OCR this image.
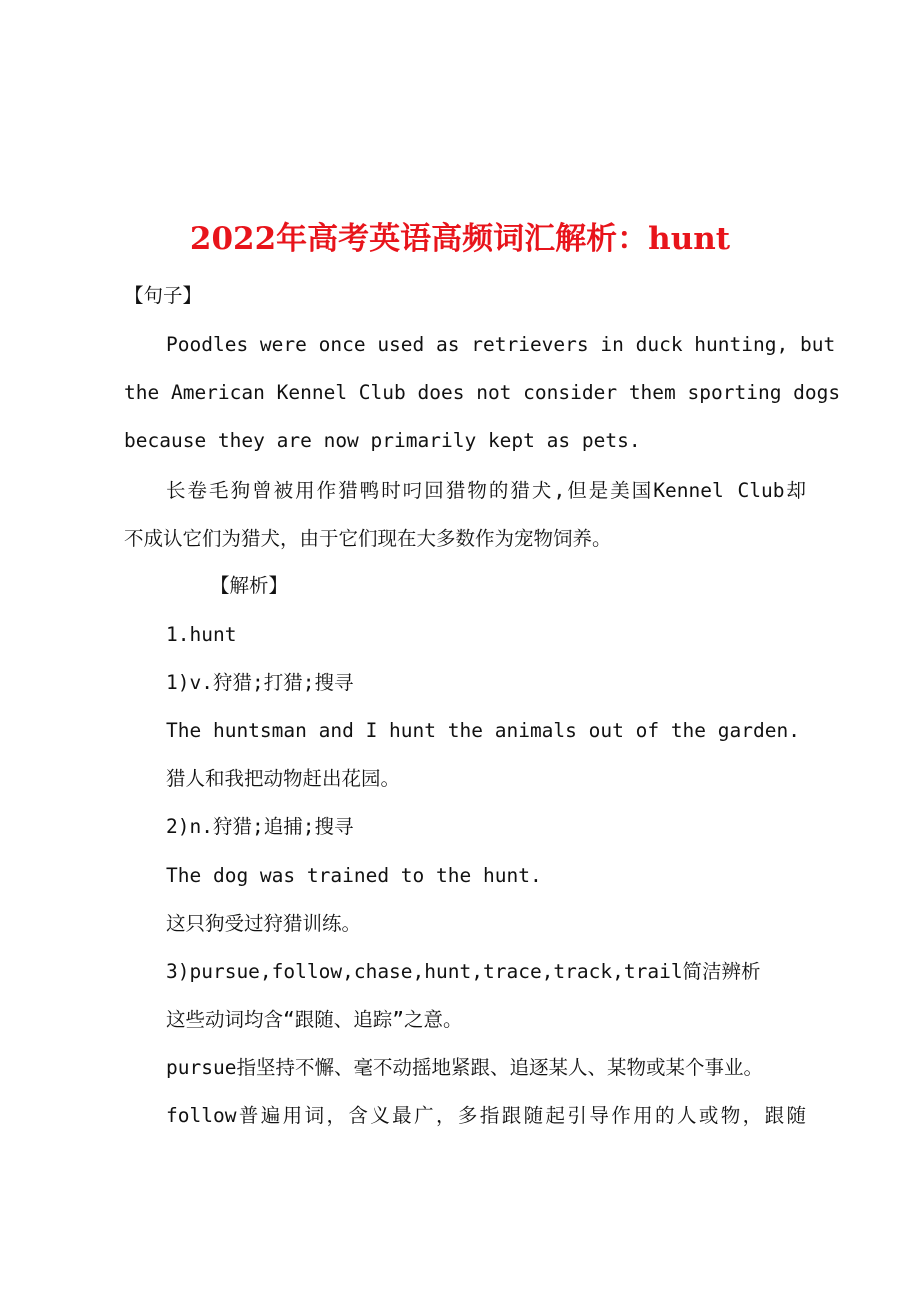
2022年高考英语高频词汇解析：hunt

【句子】

Poodles were once used as retrievers in duck hunting, but

the American Kennel Club does not consider them sporting dogs

because they are now primarily kept as pets.

长卷毛狗曾被用作猎鸭时叼回猎物的猎犬,但是美国Kennel Club却

不成认它们为猎犬，由于它们现在大多数作为宠物饲养。

【解析】

1.hunt

1)v.狩猎;打猎;搜寻

The huntsman and I hunt the animals out of the garden.

猎人和我把动物赶出花园。

2)n.狩猎;追捕;搜寻

The dog was trained to the hunt.

这只狗受过狩猎训练。

3)pursue,follow,chase,hunt,trace,track,trail简洁辨析

这些动词均含“跟随、追踪”之意。

pursue指坚持不懈、毫不动摇地紧跟、追逐某人、某物或某个事业。

follow普遍用词，含义最广，多指跟随起引导作用的人或物，跟随
